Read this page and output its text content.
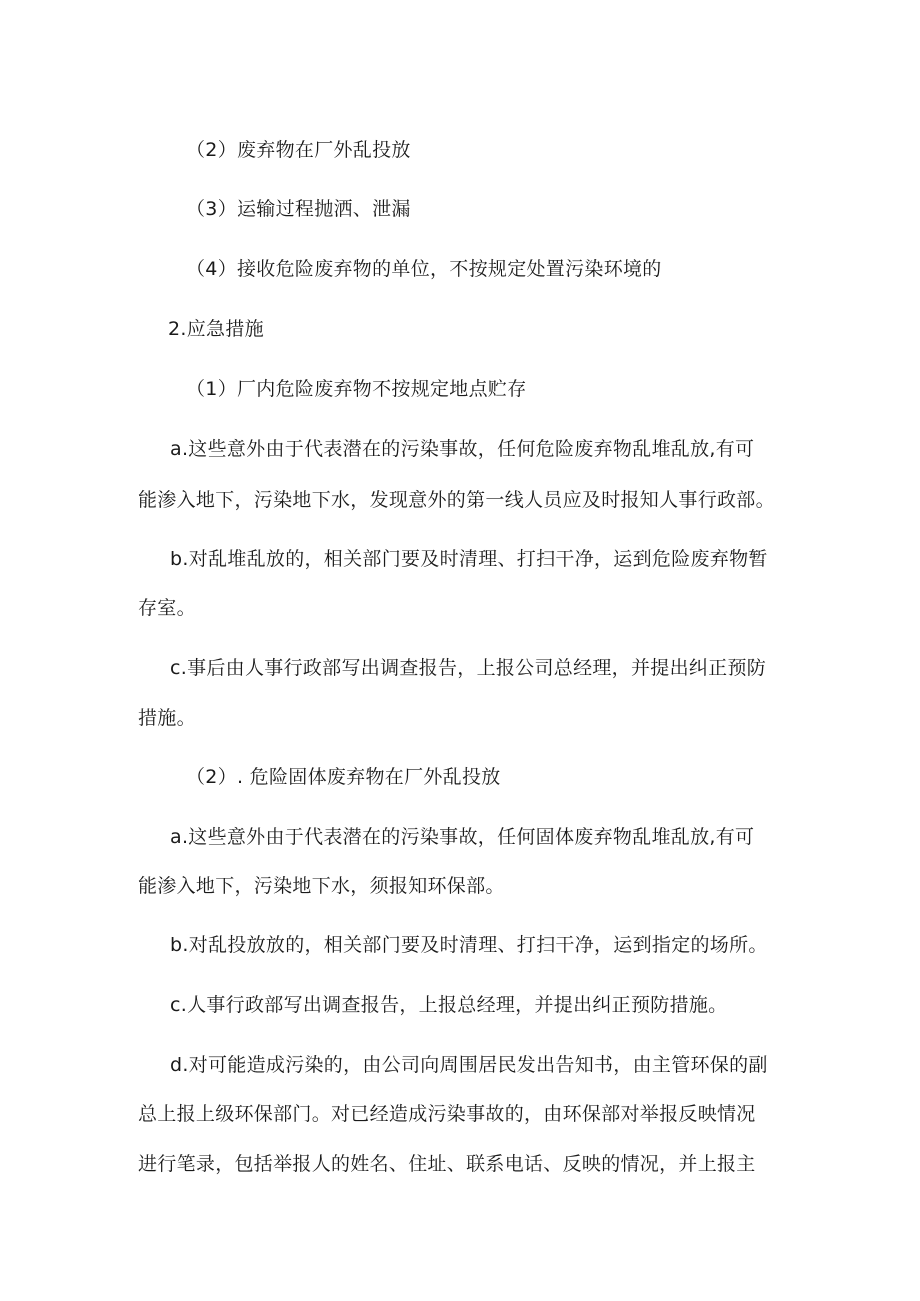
（2）废弃物在厂外乱投放
（3）运输过程抛洒、泄漏
（4）接收危险废弃物的单位，不按规定处置污染环境的
2.应急措施
（1）厂内危险废弃物不按规定地点贮存
a.这些意外由于代表潜在的污染事故，任何危险废弃物乱堆乱放,有可
能渗入地下，污染地下水，发现意外的第一线人员应及时报知人事行政部。
b.对乱堆乱放的，相关部门要及时清理、打扫干净，运到危险废弃物暂
存室。
c.事后由人事行政部写出调查报告，上报公司总经理，并提出纠正预防
措施。
（2）. 危险固体废弃物在厂外乱投放
a.这些意外由于代表潜在的污染事故，任何固体废弃物乱堆乱放,有可
能渗入地下，污染地下水，须报知环保部。
b.对乱投放放的，相关部门要及时清理、打扫干净，运到指定的场所。
c.人事行政部写出调查报告，上报总经理，并提出纠正预防措施。
d.对可能造成污染的，由公司向周围居民发出告知书，由主管环保的副
总上报上级环保部门。对已经造成污染事故的，由环保部对举报反映情况
进行笔录，包括举报人的姓名、住址、联系电话、反映的情况，并上报主
